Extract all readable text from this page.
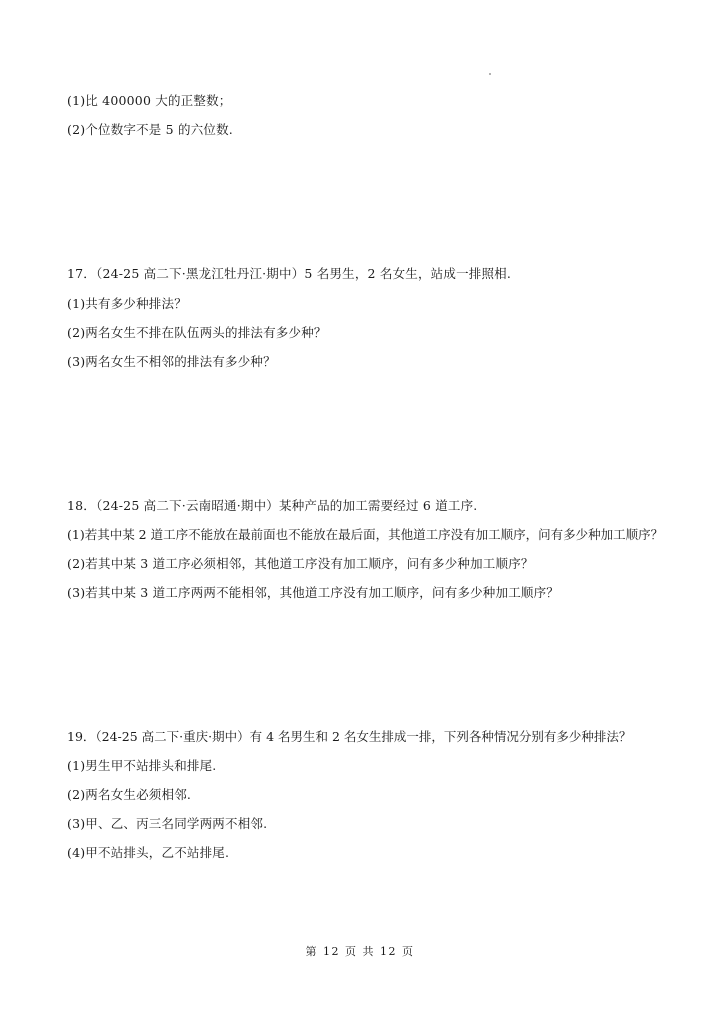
(1)比 400000 大的正整数；
(2)个位数字不是 5 的六位数.
17．（24-25 高二下·黑龙江牡丹江·期中）5 名男生，2 名女生，站成一排照相.
(1)共有多少种排法？
(2)两名女生不排在队伍两头的排法有多少种？
(3)两名女生不相邻的排法有多少种？
18．（24-25 高二下·云南昭通·期中）某种产品的加工需要经过 6 道工序.
(1)若其中某 2 道工序不能放在最前面也不能放在最后面，其他道工序没有加工顺序，问有多少种加工顺序？
(2)若其中某 3 道工序必须相邻，其他道工序没有加工顺序，问有多少种加工顺序？
(3)若其中某 3 道工序两两不能相邻，其他道工序没有加工顺序，问有多少种加工顺序？
19．（24-25 高二下·重庆·期中）有 4 名男生和 2 名女生排成一排，下列各种情况分别有多少种排法？
(1)男生甲不站排头和排尾.
(2)两名女生必须相邻.
(3)甲、乙、丙三名同学两两不相邻.
(4)甲不站排头，乙不站排尾.
第 12 页 共 12 页
